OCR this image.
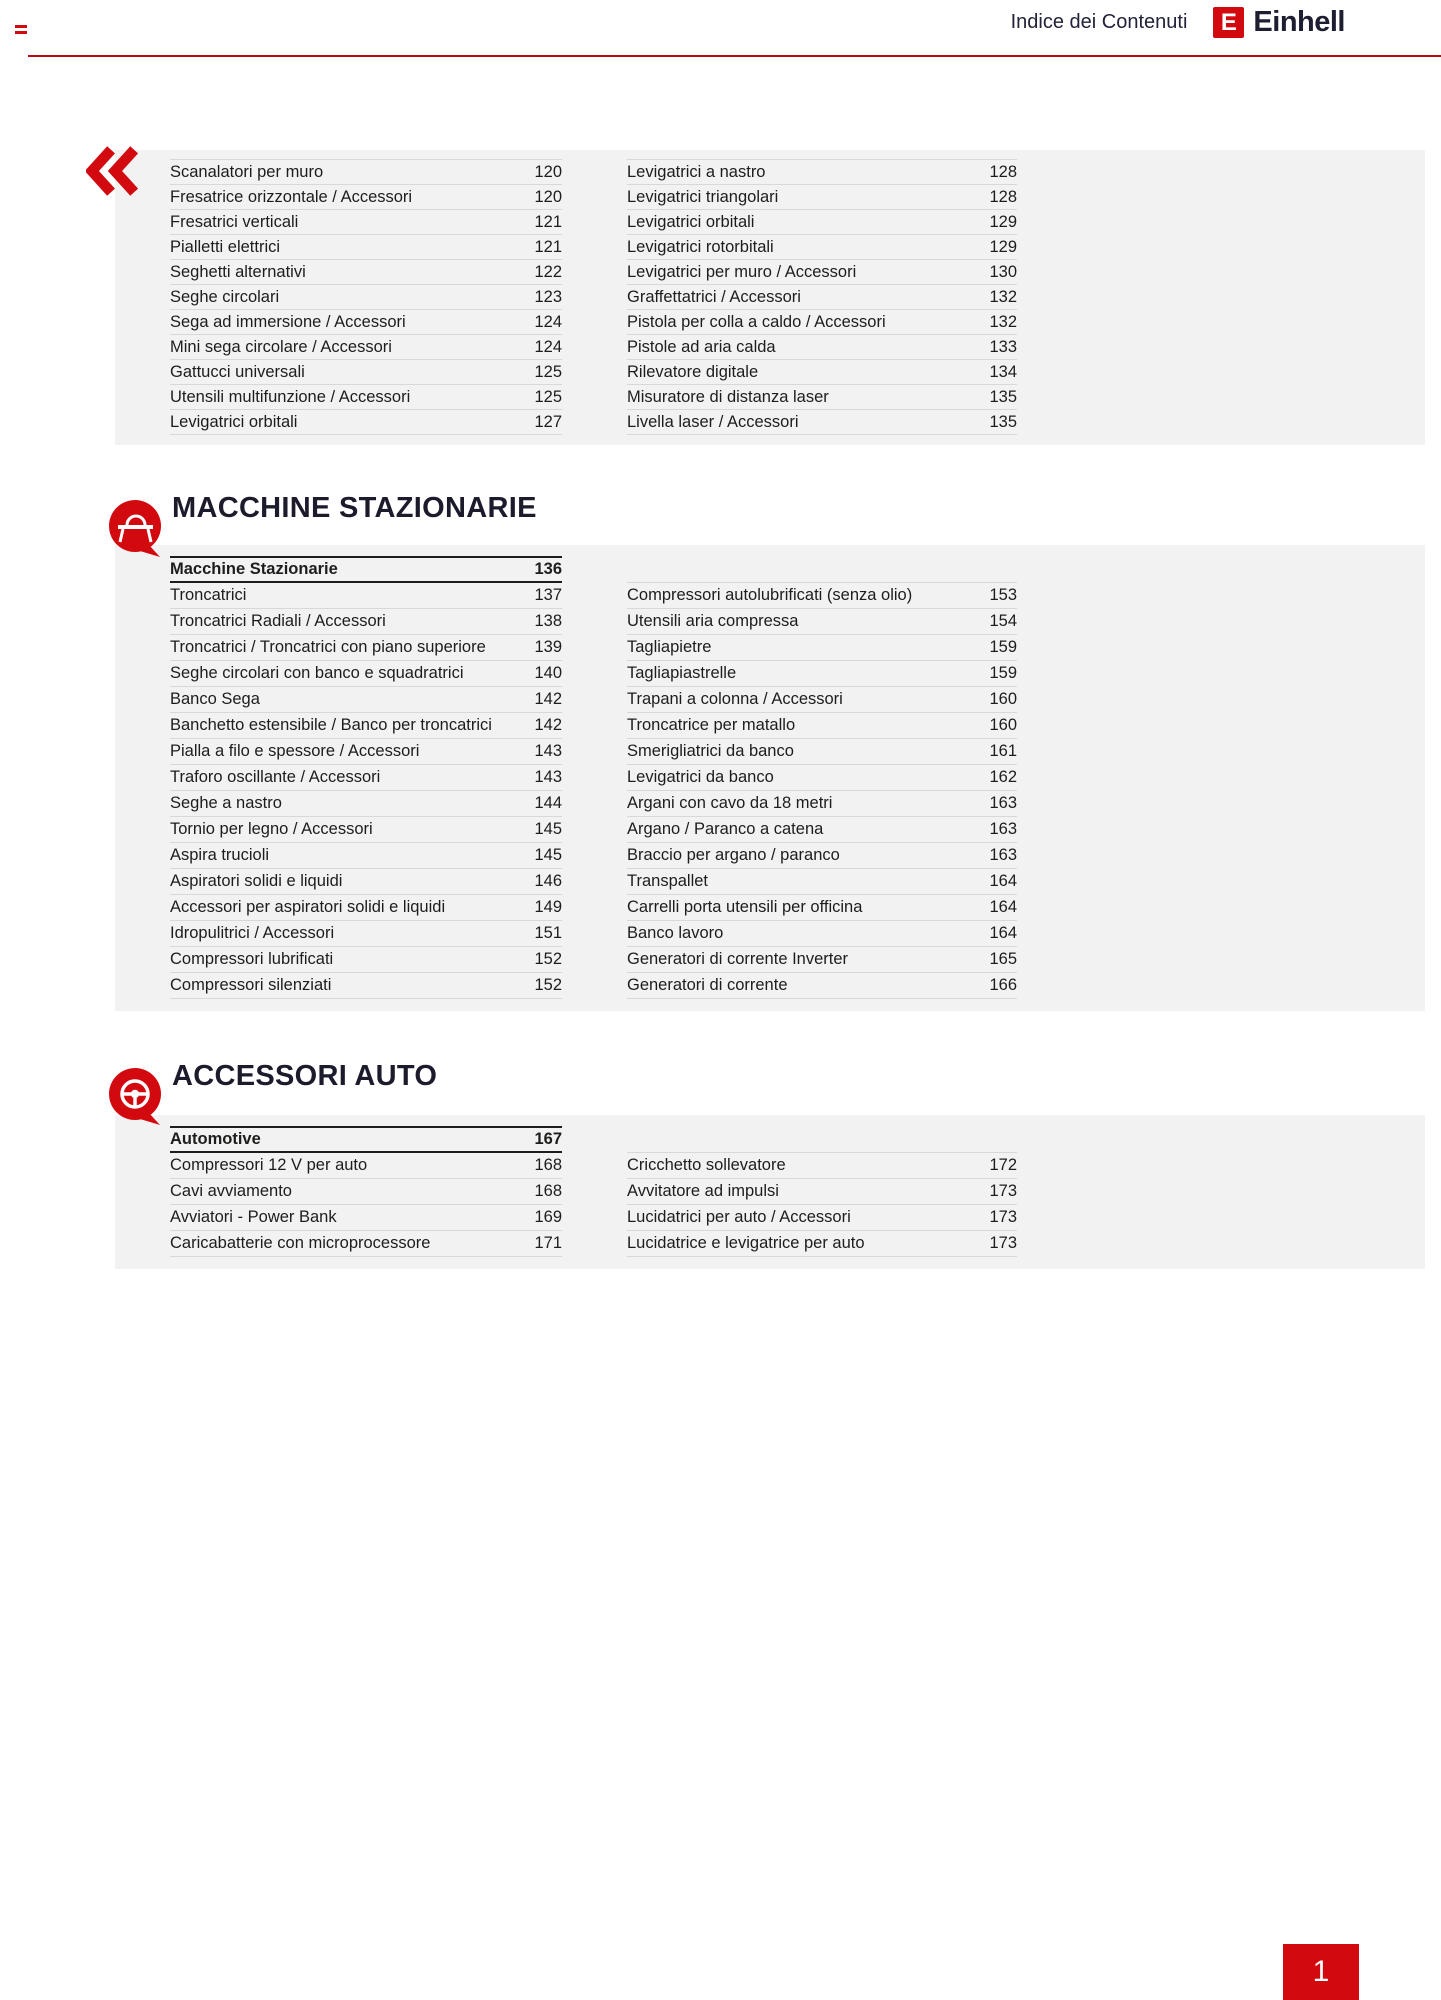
Indice dei Contenuti E Einhell
Scanalatori per muro	120
Fresatrice orizzontale / Accessori	120
Fresatrici verticali	121
Pialletti elettrici	121
Seghetti alternativi	122
Seghe circolari	123
Sega ad immersione / Accessori	124
Mini sega circolare / Accessori	124
Gattucci universali	125
Utensili multifunzione / Accessori	125
Levigatrici orbitali	127
Levigatrici a nastro	128
Levigatrici triangolari	128
Levigatrici orbitali	129
Levigatrici rotorbitali	129
Levigatrici per muro / Accessori	130
Graffettatrici / Accessori	132
Pistola per colla a caldo / Accessori	132
Pistole ad aria calda	133
Rilevatore digitale	134
Misuratore di distanza laser	135
Livella laser / Accessori	135
MACCHINE STAZIONARIE
Macchine Stazionarie	136
Troncatrici	137
Troncatrici Radiali / Accessori	138
Troncatrici / Troncatrici con piano superiore	139
Seghe circolari con banco e squadratrici	140
Banco Sega	142
Banchetto estensibile / Banco per troncatrici	142
Pialla a filo e spessore / Accessori	143
Traforo oscillante / Accessori	143
Seghe a nastro	144
Tornio per legno / Accessori	145
Aspira trucioli	145
Aspiratori solidi e liquidi	146
Accessori per aspiratori solidi e liquidi	149
Idropulitrici / Accessori	151
Compressori lubrificati	152
Compressori silenziati	152
Compressori autolubrificati (senza olio)	153
Utensili aria compressa	154
Tagliapietre	159
Tagliapiastrelle	159
Trapani a colonna / Accessori	160
Troncatrice per matallo	160
Smerigliatrici da banco	161
Levigatrici da banco	162
Argani con cavo da 18 metri	163
Argano / Paranco a catena	163
Braccio per argano / paranco	163
Transpallet	164
Carrelli porta utensili per officina	164
Banco lavoro	164
Generatori di corrente Inverter	165
Generatori di corrente	166
ACCESSORI AUTO
Automotive	167
Compressori 12 V per auto	168
Cavi avviamento	168
Avviatori - Power Bank	169
Caricabatterie con microprocessore	171
Cricchetto sollevatore	172
Avvitatore ad impulsi	173
Lucidatrici per auto / Accessori	173
Lucidatrice e levigatrice per auto	173
1
